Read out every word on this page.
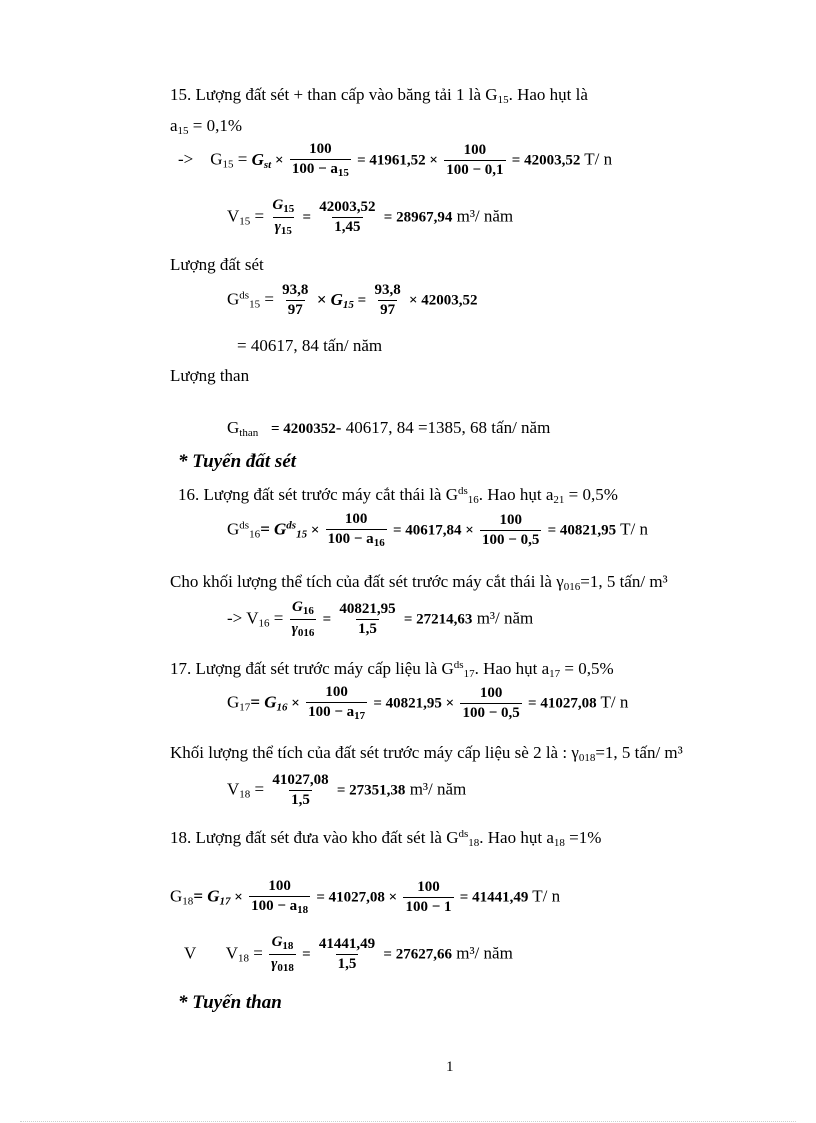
15. Lượng đất sét + than cấp vào băng tải 1 là $G_{15}$. Hao hụt là
$a_{15} = 0,1\%$
-> $G_{15} = G_{st} \times \frac{100}{100 - a_{15}} = 41961,52 \times \frac{100}{100 - 0,1} = 42003,52$ T/ n
$V_{15} = \frac{G_{15}}{\gamma_{15}} = \frac{42003,52}{1,45} = 28967,94$ m³/ năm
Lượng đất sét
$G^{ds}_{15} = \frac{93,8}{97} \times G_{15} = \frac{93,8}{97} \times 42003,52$
= 40617, 84 tấn/ năm
Lượng than
$G_{than} = 4200352-$ 40617, 84 =1385, 68 tấn/ năm
* Tuyến đất sét
16. Lượng đất sét trước máy cắt thái là $G^{ds}_{16}$. Hao hụt $a_{21} = 0,5\%$
$G^{ds}_{16}= G^{ds}_{15} \times \frac{100}{100 - a_{16}} = 40617,84 \times \frac{100}{100 - 0,5} = 40821,95$ T/ n
Cho khối lượng thể tích của đất sét trước máy cắt thái là $\gamma_{016}=1$, 5 tấn/ m³
-> $V_{16} = \frac{G_{16}}{\gamma_{016}} = \frac{40821,95}{1,5} = 27214,63$ m³/ năm
17. Lượng đất sét trước máy cấp liệu là $G^{ds}_{17}$. Hao hụt $a_{17} = 0,5\%$
$G_{17}= G_{16} \times \frac{100}{100 - a_{17}} = 40821,95 \times \frac{100}{100 - 0,5} = 41027,08$ T/ n
Khối lượng thể tích của đất sét trước máy cấp liệu sè 2 là : $\gamma_{018}=1$, 5 tấn/ m³
$V_{18} = \frac{41027,08}{1,5} = 27351,38$ m³/ năm
18. Lượng đất sét đưa vào kho đất sét là $G^{ds}_{18}$. Hao hụt $a_{18} =1\%$
$G_{18}= G_{17} \times \frac{100}{100 - a_{18}} = 41027,08 \times \frac{100}{100 - 1} = 41441,49$ T/ n
V $V_{18} = \frac{G_{18}}{\gamma_{018}} = \frac{41441,49}{1,5} = 27627,66$ m³/ năm
* Tuyến than
1
